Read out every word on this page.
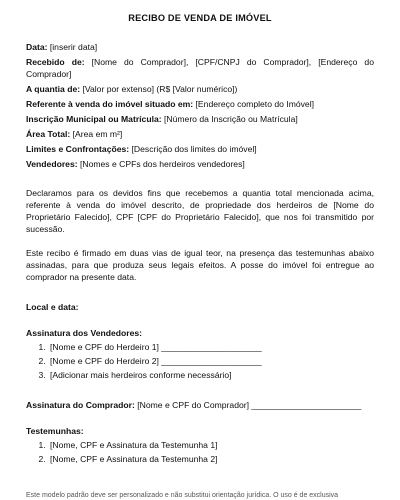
RECIBO DE VENDA DE IMÓVEL

Data: [inserir data]

Recebido de: [Nome do Comprador], [CPF/CNPJ do Comprador], [Endereço do Comprador]

A quantia de: [Valor por extenso] (R$ [Valor numérico])

Referente à venda do imóvel situado em: [Endereço completo do Imóvel]

Inscrição Municipal ou Matrícula: [Número da Inscrição ou Matrícula]

Área Total: [Area em m²]

Limites e Confrontações: [Descrição dos limites do imóvel]

Vendedores: [Nomes e CPFs dos herdeiros vendedores]

Declaramos para os devidos fins que recebemos a quantia total mencionada acima, referente à venda do imóvel descrito, de propriedade dos herdeiros de [Nome do Proprietário Falecido], CPF [CPF do Proprietário Falecido], que nos foi transmitido por sucessão.

Este recibo é firmado em duas vias de igual teor, na presença das testemunhas abaixo assinadas, para que produza seus legais efeitos. A posse do imóvel foi entregue ao comprador na presente data.

Local e data:

Assinatura dos Vendedores:

1. [Nome e CPF do Herdeiro 1] _____________________
2. [Nome e CPF do Herdeiro 2] _____________________
3. [Adicionar mais herdeiros conforme necessário]

Assinatura do Comprador: [Nome e CPF do Comprador] _______________________

Testemunhas:

1. [Nome, CPF e Assinatura da Testemunha 1]
2. [Nome, CPF e Assinatura da Testemunha 2]
Este modelo padrão deve ser personalizado e não substitui orientação jurídica. O uso é de exclusiva
